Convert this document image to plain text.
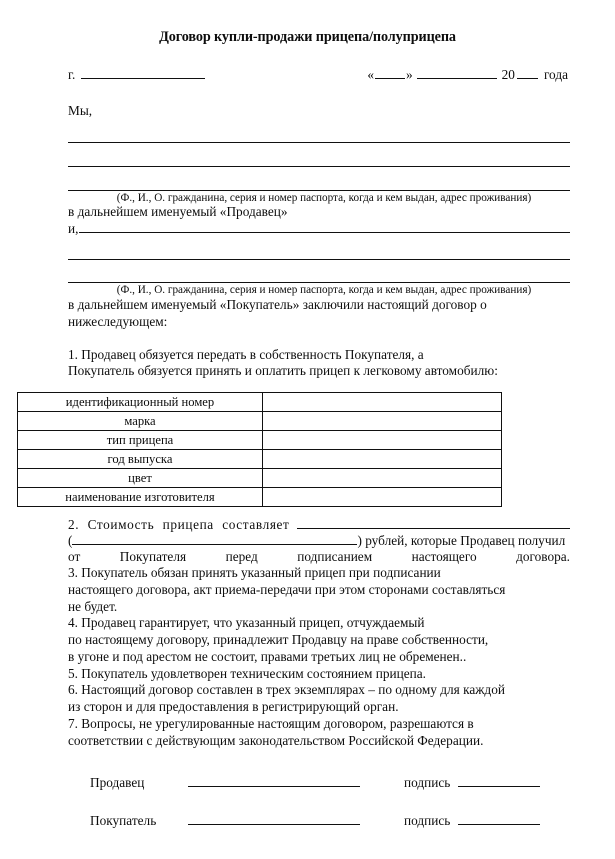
Договор купли-продажи прицепа/полуприцепа
г.	« »	20 года
Мы,
(Ф., И., О. гражданина, серия и номер паспорта, когда и кем выдан, адрес проживания)
в дальнейшем именуемый «Продавец»
и,
(Ф., И., О. гражданина, серия и номер паспорта, когда и кем выдан, адрес проживания)
в дальнейшем именуемый «Покупатель» заключили настоящий договор о
нижеследующем:
1. Продавец обязуется передать в собственность Покупателя, а
Покупатель обязуется принять и оплатить прицеп к легковому автомобилю:
идентификационный номер	
марка	
тип прицепа	
год выпуска	
цвет	
наименование изготовителя	
2. Стоимость прицепа составляет
(	) рублей, которые Продавец получил
от	Покупателя	перед	подписанием	настоящего	договора.
3. Покупатель обязан принять указанный прицеп при подписании
настоящего договора, акт приема-передачи при этом сторонами составляться
не будет.
4. Продавец гарантирует, что указанный прицеп, отчуждаемый
по настоящему договору, принадлежит Продавцу на праве собственности,
в угоне и под арестом не состоит, правами третьих лиц не обременен..
5. Покупатель удовлетворен техническим состоянием прицепа.
6. Настоящий договор составлен в трех экземплярах – по одному для каждой
из сторон и для предоставления в регистрирующий орган.
7. Вопросы, не урегулированные настоящим договором, разрешаются в
соответствии с действующим законодательством Российской Федерации.
Продавец	подпись
Покупатель	подпись
